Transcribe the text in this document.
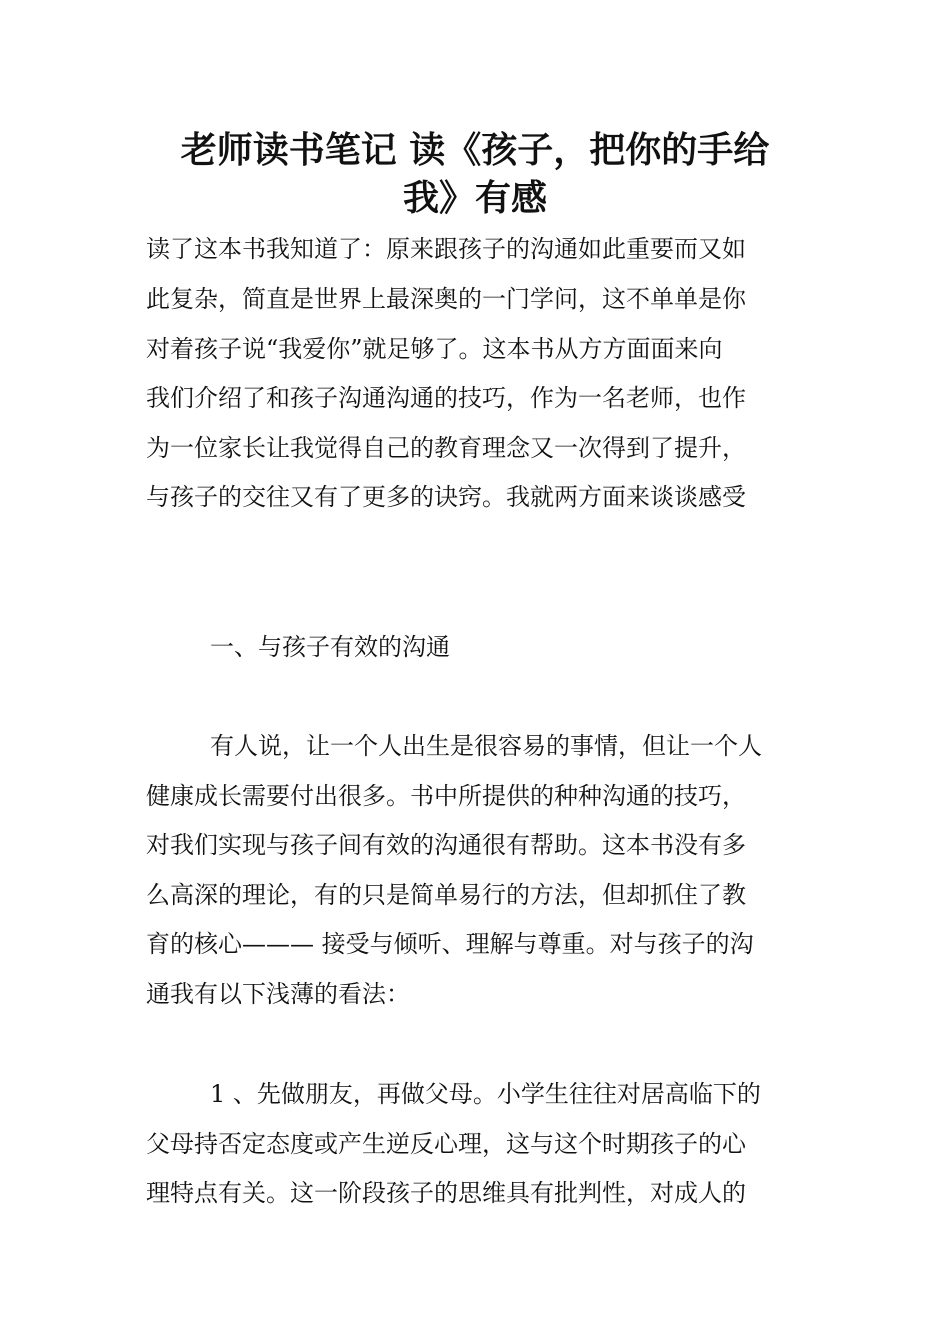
老师读书笔记 读《孩子，把你的手给
我》有感

读了这本书我知道了：原来跟孩子的沟通如此重要而又如

此复杂，简直是世界上最深奥的一门学问，这不单单是你

对着孩子说“我爱你”就足够了。这本书从方方面面来向

我们介绍了和孩子沟通沟通的技巧，作为一名老师，也作

为一位家长让我觉得自己的教育理念又一次得到了提升，

与孩子的交往又有了更多的诀窍。我就两方面来谈谈感受

一、与孩子有效的沟通

有人说，让一个人出生是很容易的事情，但让一个人

健康成长需要付出很多。书中所提供的种种沟通的技巧，

对我们实现与孩子间有效的沟通很有帮助。这本书没有多

么高深的理论，有的只是简单易行的方法，但却抓住了教

育的核心——— 接受与倾听、理解与尊重。对与孩子的沟

通我有以下浅薄的看法：

1 、先做朋友，再做父母。小学生往往对居高临下的

父母持否定态度或产生逆反心理，这与这个时期孩子的心

理特点有关。这一阶段孩子的思维具有批判性，对成人的
